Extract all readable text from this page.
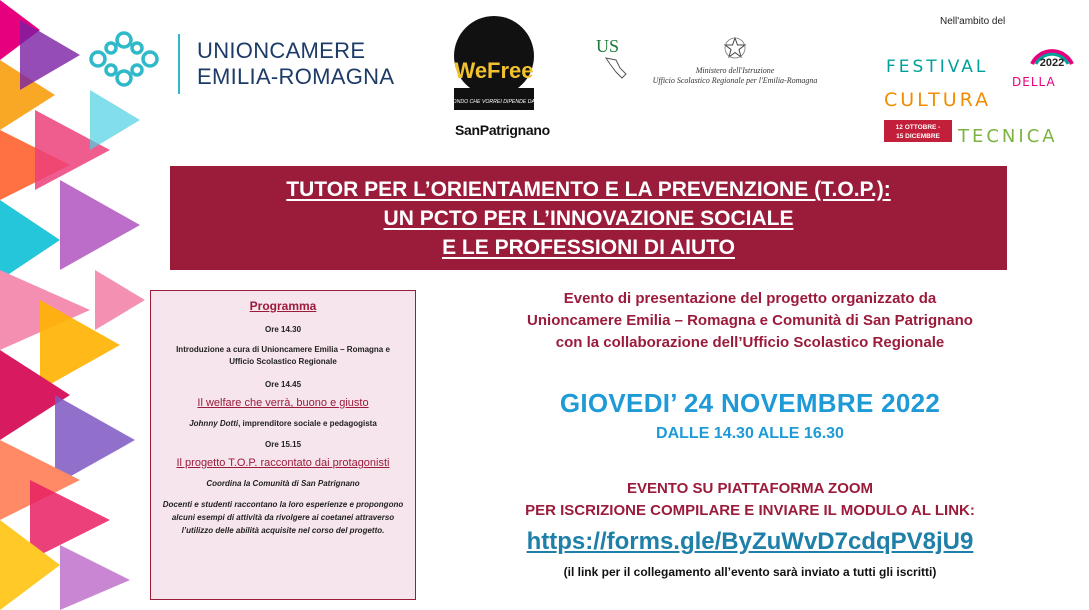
UNIONCAMERE
EMILIA-ROMAGNA	WeFree
IL MONDO CHE VORREI DIPENDE DA NOI
SanPatrignano
US
Ministero dell'Istruzione
Ufficio Scolastico Regionale per l'Emilia-Romagna
Nell'ambito del
2022
FESTIVAL
DELLA
CULTURA
12 OTTOBRE -
15 DICEMBRE TECNICA
TUTOR PER L’ORIENTAMENTO E LA PREVENZIONE (T.O.P.):
UN PCTO PER L’INNOVAZIONE SOCIALE
E LE PROFESSIONI DI AIUTO
Programma
Ore 14.30
Introduzione a cura di Unioncamere Emilia – Romagna e Ufficio Scolastico Regionale
Ore 14.45
Il welfare che verrà, buono e giusto
Johnny Dotti, imprenditore sociale e pedagogista
Ore 15.15
Il progetto T.O.P. raccontato dai protagonisti
Coordina la Comunità di San Patrignano
Docenti e studenti raccontano la loro esperienze e propongono alcuni esempi di attività da rivolgere ai coetanei attraverso l’utilizzo delle abilità acquisite nel corso del progetto.
Evento di presentazione del progetto organizzato da
Unioncamere Emilia – Romagna e Comunità di San Patrignano
con la collaborazione dell’Ufficio Scolastico Regionale
GIOVEDI’ 24 NOVEMBRE 2022
DALLE 14.30 ALLE 16.30
EVENTO SU PIATTAFORMA ZOOM
PER ISCRIZIONE COMPILARE E INVIARE IL MODULO AL LINK:
https://forms.gle/ByZuWvD7cdqPV8jU9
(il link per il collegamento all’evento sarà inviato a tutti gli iscritti)
